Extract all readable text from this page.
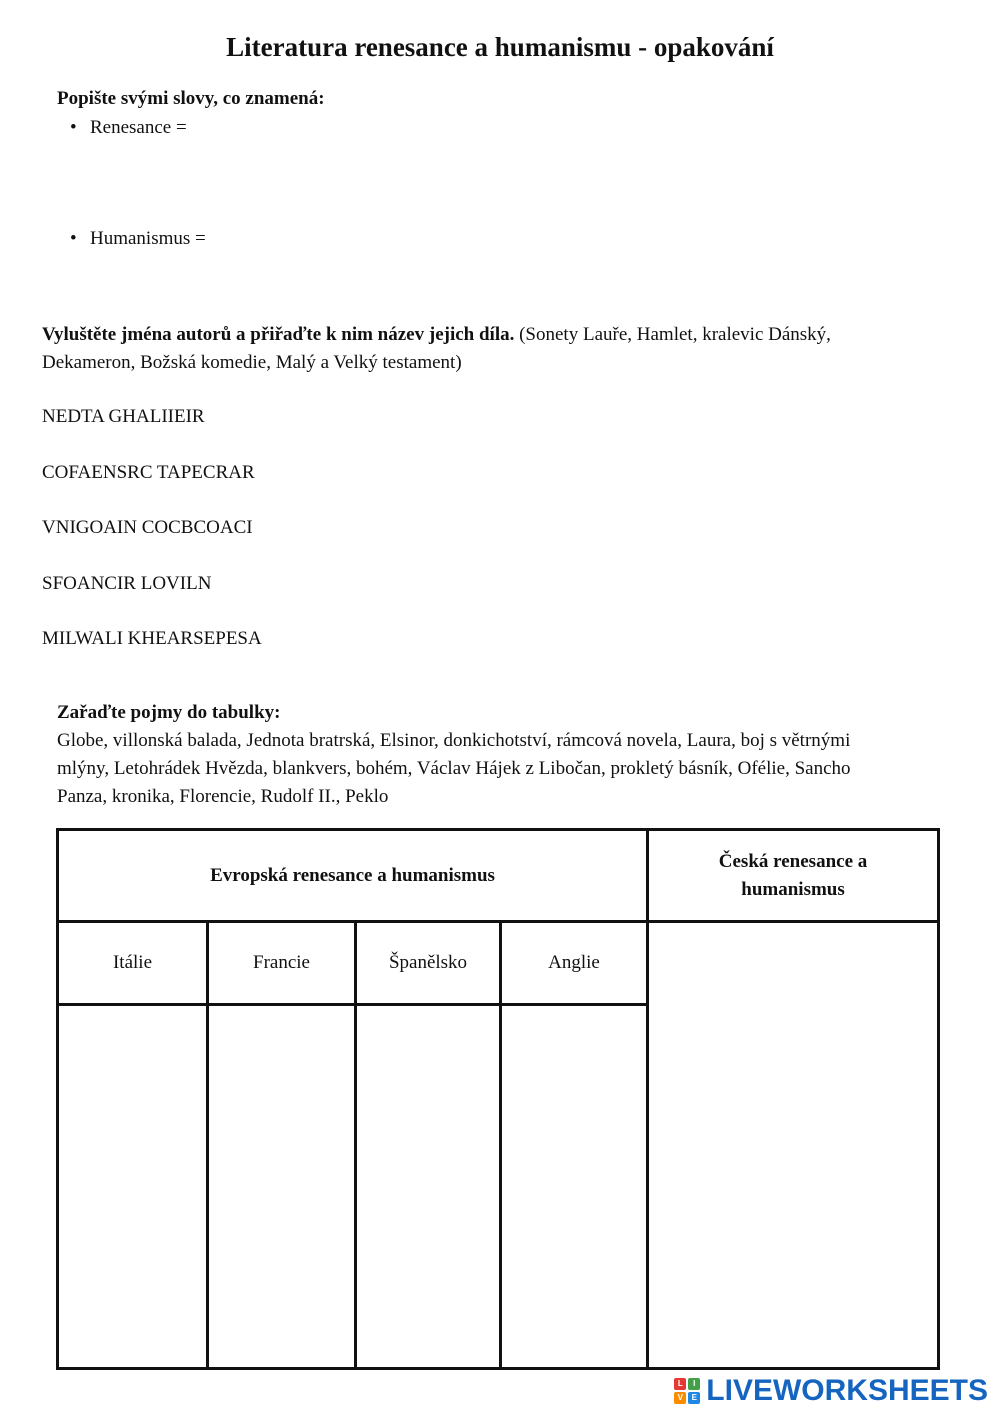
Literatura renesance a humanismu - opakování
Popište svými slovy, co znamená:
• Renesance =
• Humanismus =
Vyluštěte jména autorů a přiřaďte k nim název jejich díla. (Sonety Lauře, Hamlet, kralevic Dánský,
Dekameron, Božská komedie, Malý a Velký testament)
NEDTA GHALIIEIR
COFAENSRC TAPECRAR
VNIGOAIN COCBCOACI
SFOANCIR LOVILN
MILWALI KHEARSEPESA
Zařaďte pojmy do tabulky:
Globe, villonská balada, Jednota bratrská, Elsinor, donkichotství, rámcová novela, Laura, boj s větrnými
mlýny, Letohrádek Hvězda, blankvers, bohém, Václav Hájek z Libočan, prokletý básník, Ofélie, Sancho
Panza, kronika, Florencie, Rudolf II., Peklo
Evropská renesance a humanismus				Česká renesance a
humanismus
Itálie	Francie	Španělsko	Anglie	

L	I
V	E LIVEWORKSHEETS
